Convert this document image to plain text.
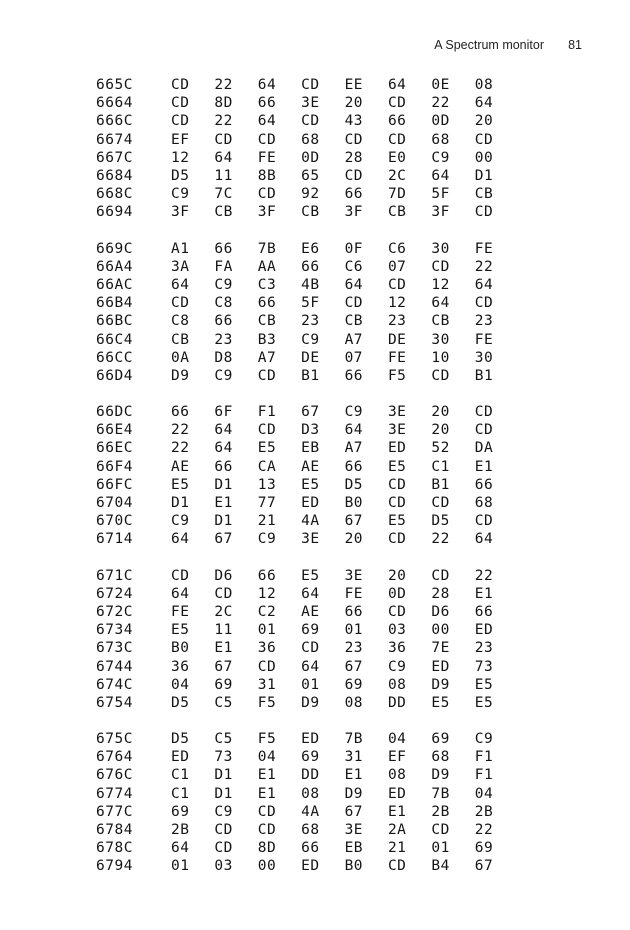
A Spectrum monitor 81
665C	CD	22	64	CD	EE	64	0E	08
6664	CD	8D	66	3E	20	CD	22	64
666C	CD	22	64	CD	43	66	0D	20
6674	EF	CD	CD	68	CD	CD	68	CD
667C	12	64	FE	0D	28	E0	C9	00
6684	D5	11	8B	65	CD	2C	64	D1
668C	C9	7C	CD	92	66	7D	5F	CB
6694	3F	CB	3F	CB	3F	CB	3F	CD
669C	A1	66	7B	E6	0F	C6	30	FE
66A4	3A	FA	AA	66	C6	07	CD	22
66AC	64	C9	C3	4B	64	CD	12	64
66B4	CD	C8	66	5F	CD	12	64	CD
66BC	C8	66	CB	23	CB	23	CB	23
66C4	CB	23	B3	C9	A7	DE	30	FE
66CC	0A	D8	A7	DE	07	FE	10	30
66D4	D9	C9	CD	B1	66	F5	CD	B1
66DC	66	6F	F1	67	C9	3E	20	CD
66E4	22	64	CD	D3	64	3E	20	CD
66EC	22	64	E5	EB	A7	ED	52	DA
66F4	AE	66	CA	AE	66	E5	C1	E1
66FC	E5	D1	13	E5	D5	CD	B1	66
6704	D1	E1	77	ED	B0	CD	CD	68
670C	C9	D1	21	4A	67	E5	D5	CD
6714	64	67	C9	3E	20	CD	22	64
671C	CD	D6	66	E5	3E	20	CD	22
6724	64	CD	12	64	FE	0D	28	E1
672C	FE	2C	C2	AE	66	CD	D6	66
6734	E5	11	01	69	01	03	00	ED
673C	B0	E1	36	CD	23	36	7E	23
6744	36	67	CD	64	67	C9	ED	73
674C	04	69	31	01	69	08	D9	E5
6754	D5	C5	F5	D9	08	DD	E5	E5
675C	D5	C5	F5	ED	7B	04	69	C9
6764	ED	73	04	69	31	EF	68	F1
676C	C1	D1	E1	DD	E1	08	D9	F1
6774	C1	D1	E1	08	D9	ED	7B	04
677C	69	C9	CD	4A	67	E1	2B	2B
6784	2B	CD	CD	68	3E	2A	CD	22
678C	64	CD	8D	66	EB	21	01	69
6794	01	03	00	ED	B0	CD	B4	67
